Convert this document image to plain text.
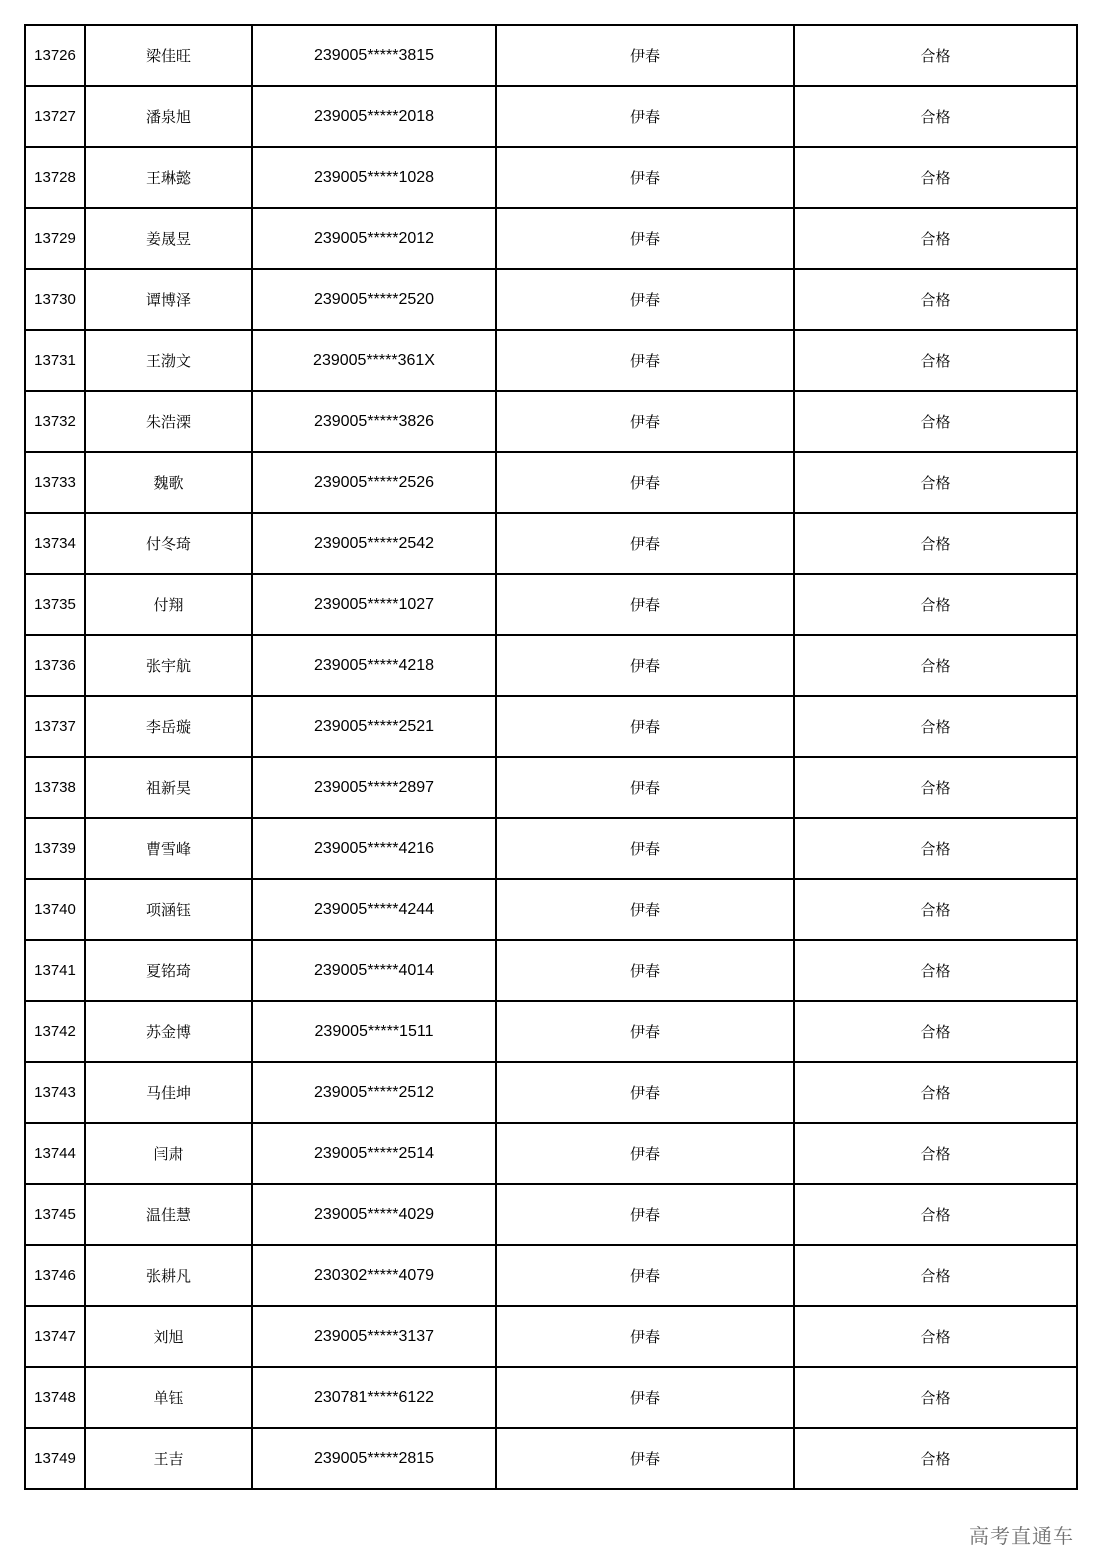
13726	梁佳旺	239005*****3815	伊春	合格
13727	潘泉旭	239005*****2018	伊春	合格
13728	王琳懿	239005*****1028	伊春	合格
13729	姜晟昱	239005*****2012	伊春	合格
13730	谭博泽	239005*****2520	伊春	合格
13731	王渤文	239005*****361X	伊春	合格
13732	朱浩溧	239005*****3826	伊春	合格
13733	魏歌	239005*****2526	伊春	合格
13734	付冬琦	239005*****2542	伊春	合格
13735	付翔	239005*****1027	伊春	合格
13736	张宇航	239005*****4218	伊春	合格
13737	李岳璇	239005*****2521	伊春	合格
13738	祖新昊	239005*****2897	伊春	合格
13739	曹雪峰	239005*****4216	伊春	合格
13740	项涵钰	239005*****4244	伊春	合格
13741	夏铭琦	239005*****4014	伊春	合格
13742	苏金博	239005*****1511	伊春	合格
13743	马佳坤	239005*****2512	伊春	合格
13744	闫肃	239005*****2514	伊春	合格
13745	温佳慧	239005*****4029	伊春	合格
13746	张耕凡	230302*****4079	伊春	合格
13747	刘旭	239005*****3137	伊春	合格
13748	单钰	230781*****6122	伊春	合格
13749	王吉	239005*****2815	伊春	合格
高考直通车
